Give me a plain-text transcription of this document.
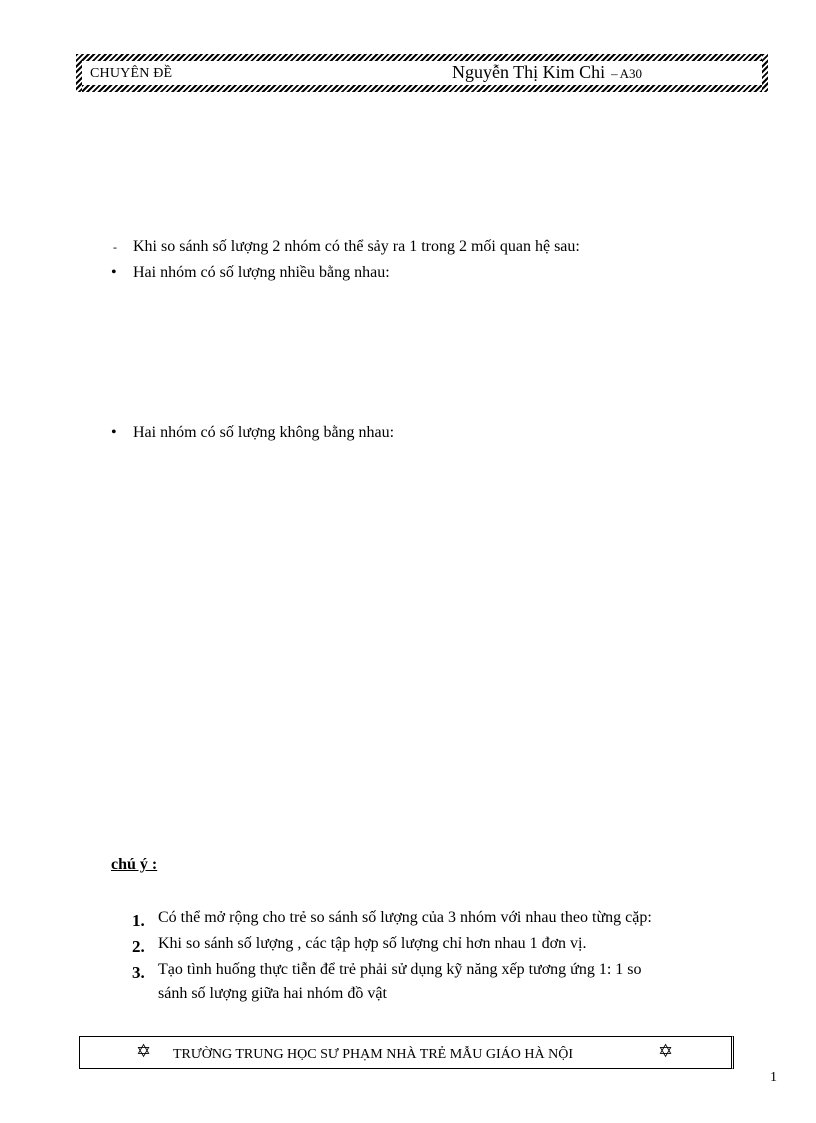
CHUYÊN ĐỀ	Nguyễn Thị Kim Chi – A30
- Khi so sánh số lượng 2 nhóm có thể sảy ra 1 trong 2 mối quan hệ sau:
• Hai nhóm có số lượng nhiều bằng nhau:
• Hai nhóm có số lượng không bằng nhau:
chú ý :
1. Có thể mở rộng cho trẻ so sánh số lượng của 3 nhóm với nhau theo từng cặp:
2. Khi so sánh số lượng , các tập hợp số lượng chỉ hơn nhau 1 đơn vị.
3. Tạo tình huống thực tiễn để trẻ phải sử dụng kỹ năng xếp tương ứng 1: 1 so
sánh số lượng giữa hai nhóm đồ vật
✡ TRƯỜNG TRUNG HỌC SƯ PHẠM NHÀ TRẺ MẪU GIÁO HÀ NỘI	✡
1
